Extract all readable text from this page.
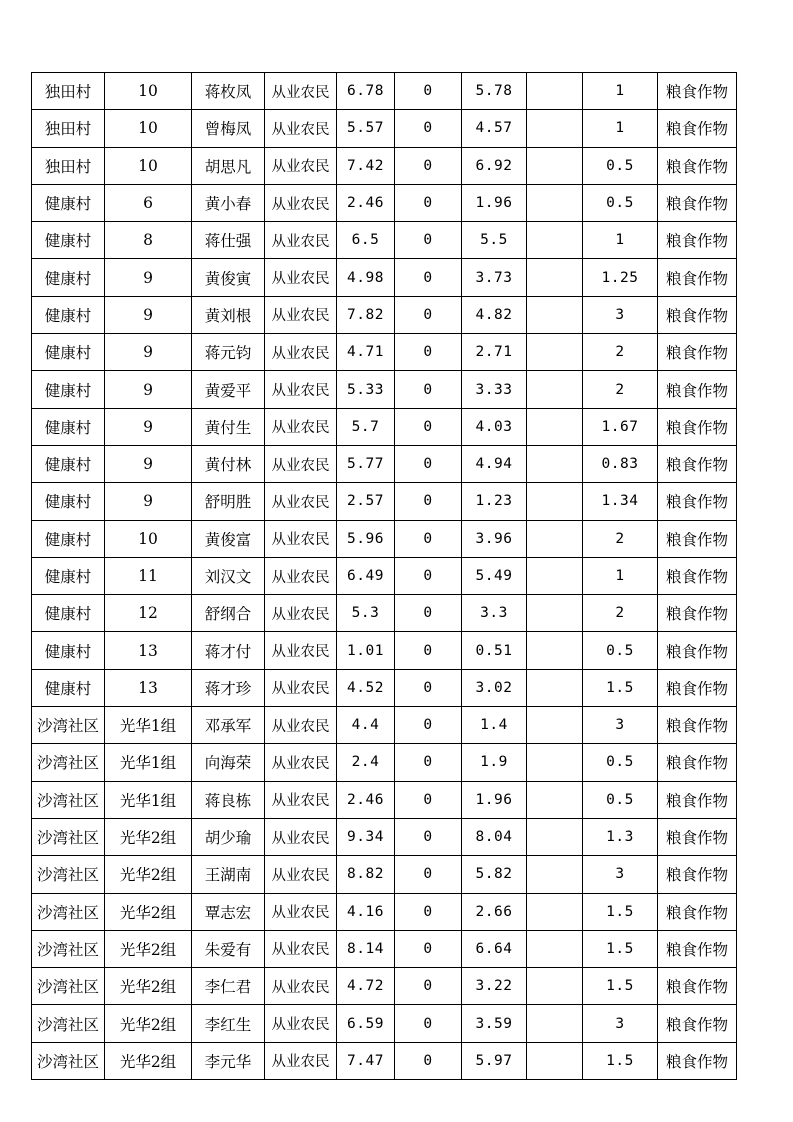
独田村	10	蒋枚凤	从业农民	6.78	0	5.78		1	粮食作物
独田村	10	曾梅凤	从业农民	5.57	0	4.57		1	粮食作物
独田村	10	胡思凡	从业农民	7.42	0	6.92		0.5	粮食作物
健康村	6	黄小春	从业农民	2.46	0	1.96		0.5	粮食作物
健康村	8	蒋仕强	从业农民	6.5	0	5.5		1	粮食作物
健康村	9	黄俊寅	从业农民	4.98	0	3.73		1.25	粮食作物
健康村	9	黄刘根	从业农民	7.82	0	4.82		3	粮食作物
健康村	9	蒋元钧	从业农民	4.71	0	2.71		2	粮食作物
健康村	9	黄爱平	从业农民	5.33	0	3.33		2	粮食作物
健康村	9	黄付生	从业农民	5.7	0	4.03		1.67	粮食作物
健康村	9	黄付林	从业农民	5.77	0	4.94		0.83	粮食作物
健康村	9	舒明胜	从业农民	2.57	0	1.23		1.34	粮食作物
健康村	10	黄俊富	从业农民	5.96	0	3.96		2	粮食作物
健康村	11	刘汉文	从业农民	6.49	0	5.49		1	粮食作物
健康村	12	舒纲合	从业农民	5.3	0	3.3		2	粮食作物
健康村	13	蒋才付	从业农民	1.01	0	0.51		0.5	粮食作物
健康村	13	蒋才珍	从业农民	4.52	0	3.02		1.5	粮食作物
沙湾社区	光华1组	邓承军	从业农民	4.4	0	1.4		3	粮食作物
沙湾社区	光华1组	向海荣	从业农民	2.4	0	1.9		0.5	粮食作物
沙湾社区	光华1组	蒋良栋	从业农民	2.46	0	1.96		0.5	粮食作物
沙湾社区	光华2组	胡少瑜	从业农民	9.34	0	8.04		1.3	粮食作物
沙湾社区	光华2组	王湖南	从业农民	8.82	0	5.82		3	粮食作物
沙湾社区	光华2组	覃志宏	从业农民	4.16	0	2.66		1.5	粮食作物
沙湾社区	光华2组	朱爱有	从业农民	8.14	0	6.64		1.5	粮食作物
沙湾社区	光华2组	李仁君	从业农民	4.72	0	3.22		1.5	粮食作物
沙湾社区	光华2组	李红生	从业农民	6.59	0	3.59		3	粮食作物
沙湾社区	光华2组	李元华	从业农民	7.47	0	5.97		1.5	粮食作物
